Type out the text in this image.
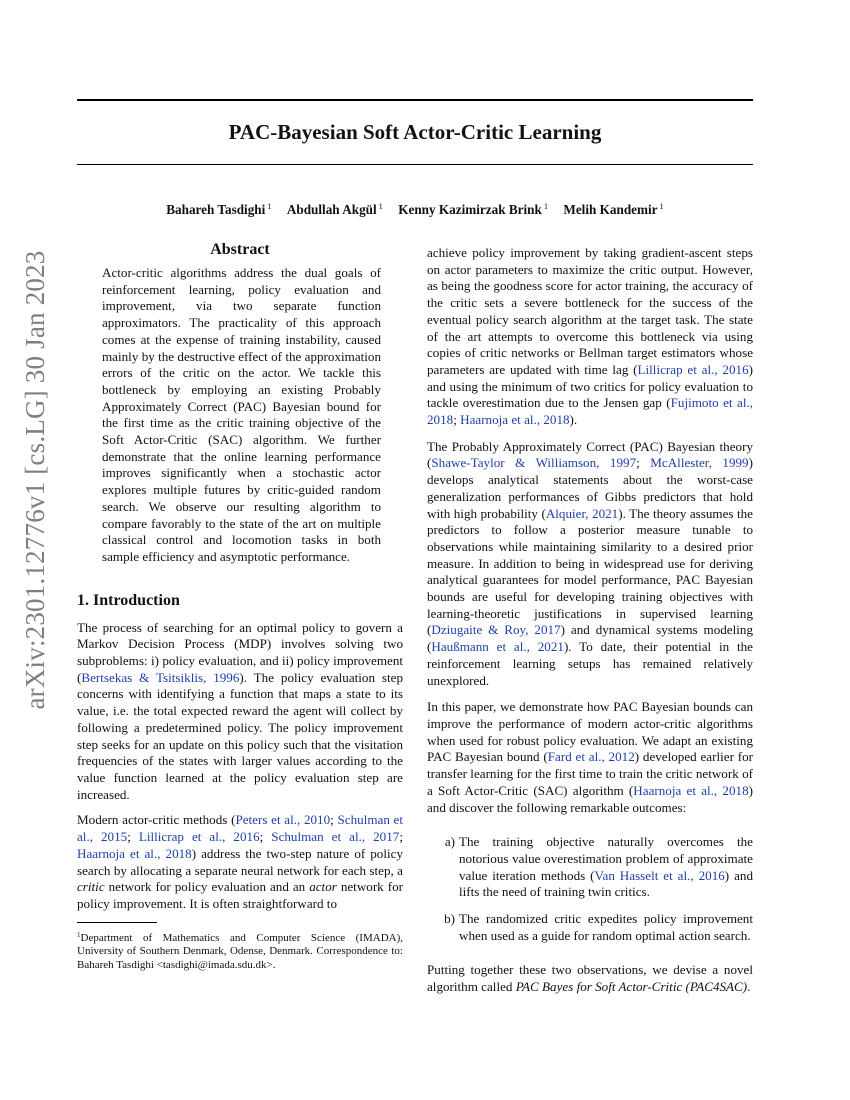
arXiv:2301.12776v1 [cs.LG] 30 Jan 2023
PAC-Bayesian Soft Actor-Critic Learning
Bahareh Tasdighi $^1$ Abdullah Akgül $^1$ Kenny Kazimirzak Brink $^1$ Melih Kandemir $^1$
Abstract

Actor-critic algorithms address the dual goals of reinforcement learning, policy evaluation and improvement, via two separate function approximators. The practicality of this approach comes at the expense of training instability, caused mainly by the destructive effect of the approximation errors of the critic on the actor. We tackle this bottleneck by employing an existing Probably Approximately Correct (PAC) Bayesian bound for the first time as the critic training objective of the Soft Actor-Critic (SAC) algorithm. We further demonstrate that the online learning performance improves significantly when a stochastic actor explores multiple futures by critic-guided random search. We observe our resulting algorithm to compare favorably to the state of the art on multiple classical control and locomotion tasks in both sample efficiency and asymptotic performance.

1. Introduction

The process of searching for an optimal policy to govern a Markov Decision Process (MDP) involves solving two subproblems: i) policy evaluation, and ii) policy improvement (Bertsekas & Tsitsiklis, 1996). The policy evaluation step concerns with identifying a function that maps a state to its value, i.e. the total expected reward the agent will collect by following a predetermined policy. The policy improvement step seeks for an update on this policy such that the visitation frequencies of the states with larger values according to the value function learned at the policy evaluation step are increased.

Modern actor-critic methods (Peters et al., 2010; Schulman et al., 2015; Lillicrap et al., 2016; Schulman et al., 2017; Haarnoja et al., 2018) address the two-step nature of policy search by allocating a separate neural network for each step, a critic network for policy evaluation and an actor network for policy improvement. It is often straightforward to

$^1$Department of Mathematics and Computer Science (IMADA), University of Southern Denmark, Odense, Denmark. Correspondence to: Bahareh Tasdighi <tasdighi@imada.sdu.dk>.

achieve policy improvement by taking gradient-ascent steps on actor parameters to maximize the critic output. However, as being the goodness score for actor training, the accuracy of the critic sets a severe bottleneck for the success of the eventual policy search algorithm at the target task. The state of the art attempts to overcome this bottleneck via using copies of critic networks or Bellman target estimators whose parameters are updated with time lag (Lillicrap et al., 2016) and using the minimum of two critics for policy evaluation to tackle overestimation due to the Jensen gap (Fujimoto et al., 2018; Haarnoja et al., 2018).

The Probably Approximately Correct (PAC) Bayesian theory (Shawe-Taylor & Williamson, 1997; McAllester, 1999) develops analytical statements about the worst-case generalization performances of Gibbs predictors that hold with high probability (Alquier, 2021). The theory assumes the predictors to follow a posterior measure tunable to observations while maintaining similarity to a desired prior measure. In addition to being in widespread use for deriving analytical guarantees for model performance, PAC Bayesian bounds are useful for developing training objectives with learning-theoretic justifications in supervised learning (Dziugaite & Roy, 2017) and dynamical systems modeling (Haußmann et al., 2021). To date, their potential in the reinforcement learning setups has remained relatively unexplored.

In this paper, we demonstrate how PAC Bayesian bounds can improve the performance of modern actor-critic algorithms when used for robust policy evaluation. We adapt an existing PAC Bayesian bound (Fard et al., 2012) developed earlier for transfer learning for the first time to train the critic network of a Soft Actor-Critic (SAC) algorithm (Haarnoja et al., 2018) and discover the following remarkable outcomes:

a) The training objective naturally overcomes the notorious value overestimation problem of approximate value iteration methods (Van Hasselt et al., 2016) and lifts the need of training twin critics.
b) The randomized critic expedites policy improvement when used as a guide for random optimal action search.

Putting together these two observations, we devise a novel algorithm called PAC Bayes for Soft Actor-Critic (PAC4SAC).
